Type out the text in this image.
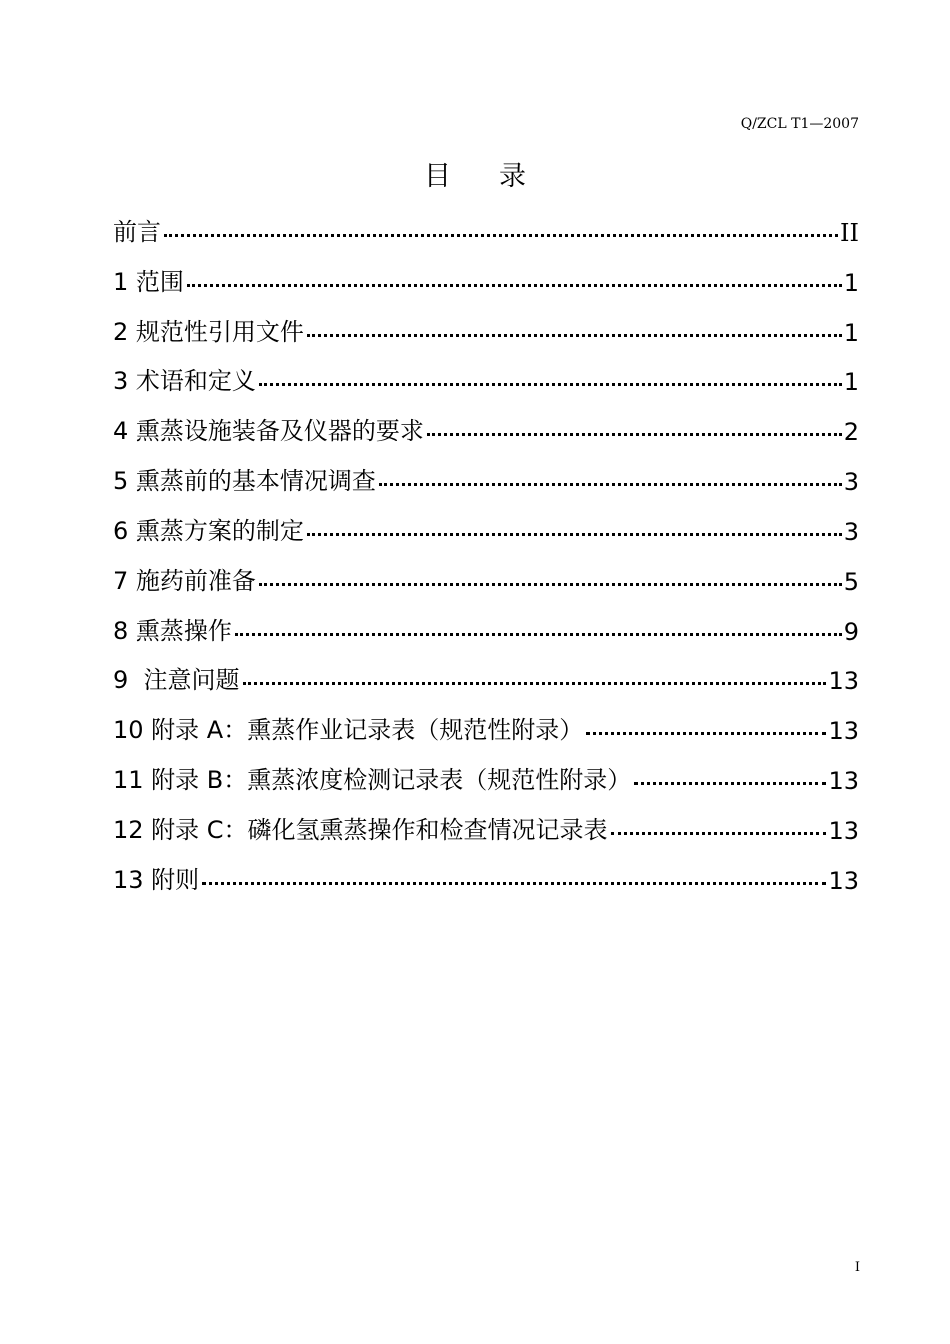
Q/ZCL T1—2007
目 录
前言	II
1 范围	1
2 规范性引用文件	1
3 术语和定义	1
4 熏蒸设施装备及仪器的要求	2
5 熏蒸前的基本情况调查	3
6 熏蒸方案的制定	3
7 施药前准备	5
8 熏蒸操作	9
9  注意问题	13
10 附录 A：熏蒸作业记录表（规范性附录）	13
11 附录 B：熏蒸浓度检测记录表（规范性附录）	13
12 附录 C：磷化氢熏蒸操作和检查情况记录表	13
13 附则	13
I
